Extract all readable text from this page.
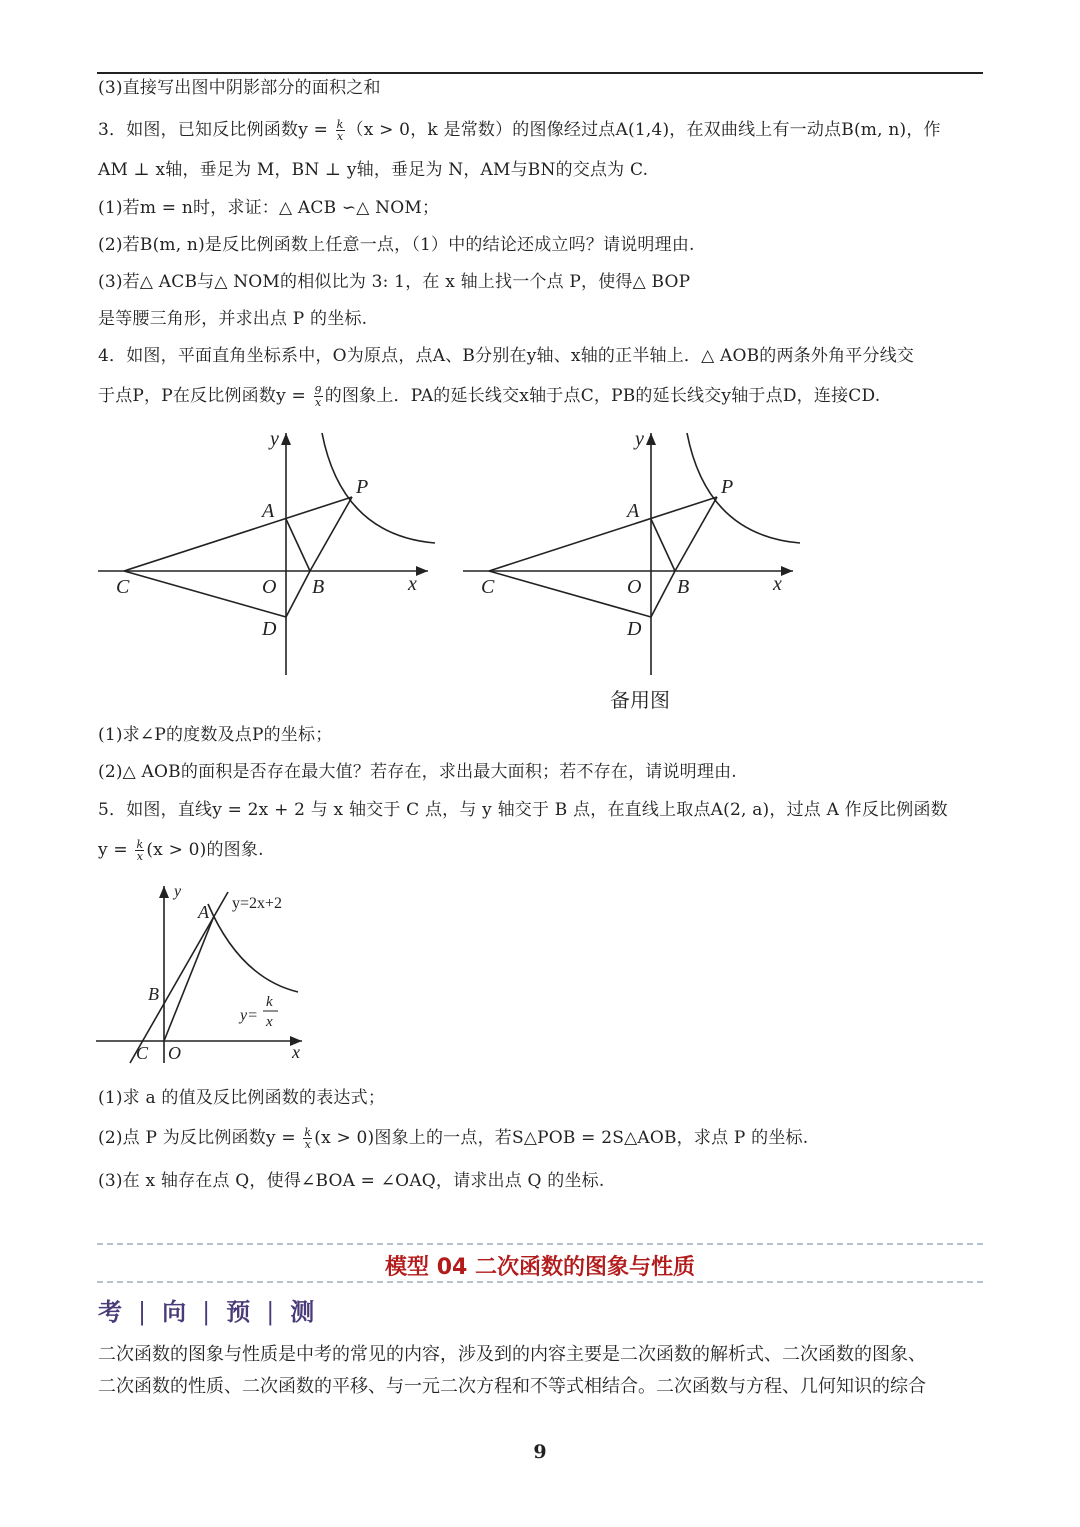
(3)直接写出图中阴影部分的面积之和
3．如图，已知反比例函数$y = \frac{k}{x} (x > 0$，k 是常数）的图像经过点A(1,4)，在双曲线上有一动点B(m, n)，作
AM ⊥ x轴，垂足为 M，BN ⊥ y轴，垂足为 N，AM与BN的交点为 C.
(1)若m = n时，求证：△ ACB ∽△ NOM；
(2)若B(m, n)是反比例函数上任意一点，（1）中的结论还成立吗？请说明理由.
(3)若△ ACB与△ NOM的相似比为 3: 1，在 x 轴上找一个点 P，使得△ BOP
是等腰三角形，并求出点 P 的坐标.
4．如图，平面直角坐标系中，O为原点，点A、B分别在y轴、x轴的正半轴上．△ AOB的两条外角平分线交
于点P，P在反比例函数$y = \frac{9}{x}$ 的图象上．PA的延长线交x轴于点C，PB的延长线交y轴于点D，连接CD.
y
x
A
B
C
D
O
P
y
x
A
B
C
D
O
P
备用图
(1)求∠P的度数及点P的坐标；
(2)△ AOB的面积是否存在最大值？若存在，求出最大面积；若不存在，请说明理由.
5．如图，直线y = 2x + 2 与 x 轴交于 C 点，与 y 轴交于 B 点，在直线上取点A(2, a)，过点 A 作反比例函数
$y = \frac{k}{x} (x > 0)$的图象.
y
x
A
B
C O
y=2x+2
y=
k
x
(1)求 a 的值及反比例函数的表达式；
(2)点 P 为反比例函数$y = \frac{k}{x} (x > 0)$图象上的一点，若S△POB = 2S△AOB，求点 P 的坐标.
(3)在 x 轴存在点 Q，使得∠BOA = ∠OAQ，请求出点 Q 的坐标.
模型 04 二次函数的图象与性质
考 | 向 | 预 | 测
二次函数的图象与性质是中考的常见的内容，涉及到的内容主要是二次函数的解析式、二次函数的图象、
二次函数的性质、二次函数的平移、与一元二次方程和不等式相结合。二次函数与方程、几何知识的综合
9
